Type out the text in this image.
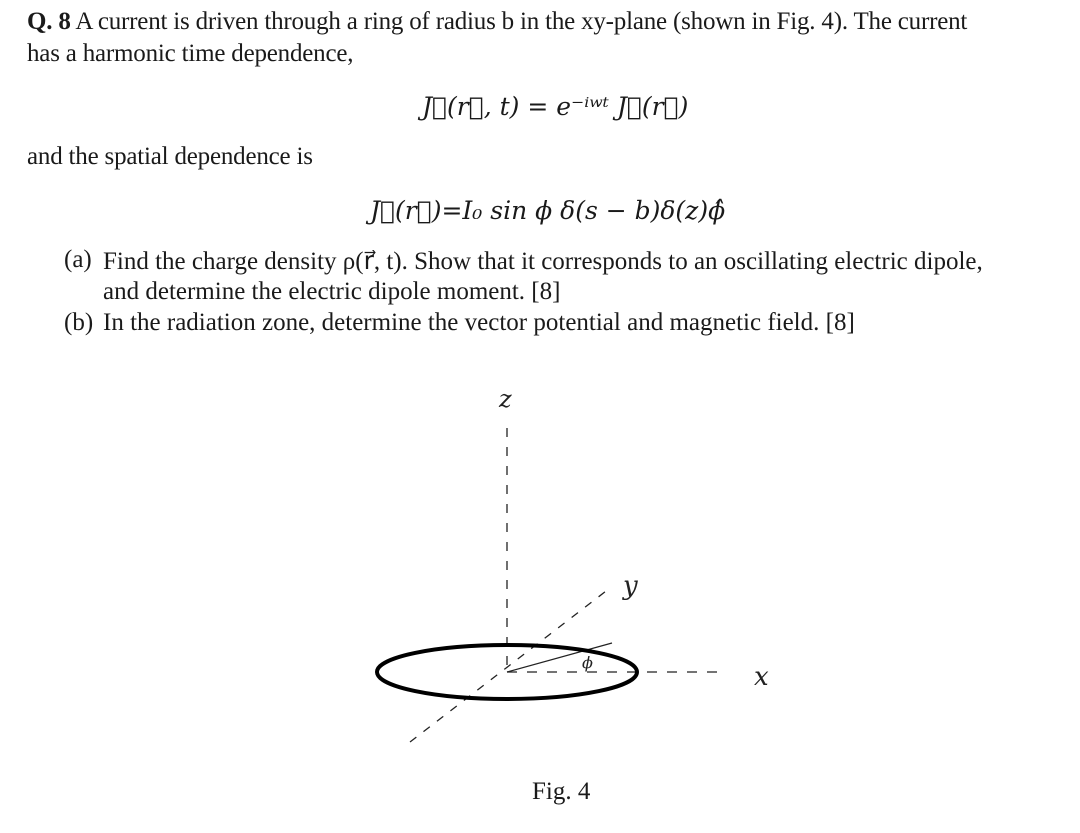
Q. 8 A current is driven through a ring of radius b in the xy-plane (shown in Fig. 4). The current
has a harmonic time dependence,
J⃗(r⃗, t) = e⁻ⁱʷᵗ J⃗(r⃗)
and the spatial dependence is
J⃗(r⃗)=I₀ sin ϕ δ(s − b)δ(z)ϕ̂
(a) Find the charge density ρ(r⃗, t). Show that it corresponds to an oscillating electric dipole,
and determine the electric dipole moment. [8]
(b) In the radiation zone, determine the vector potential and magnetic field. [8]
z
y
x
ϕ
Fig. 4
